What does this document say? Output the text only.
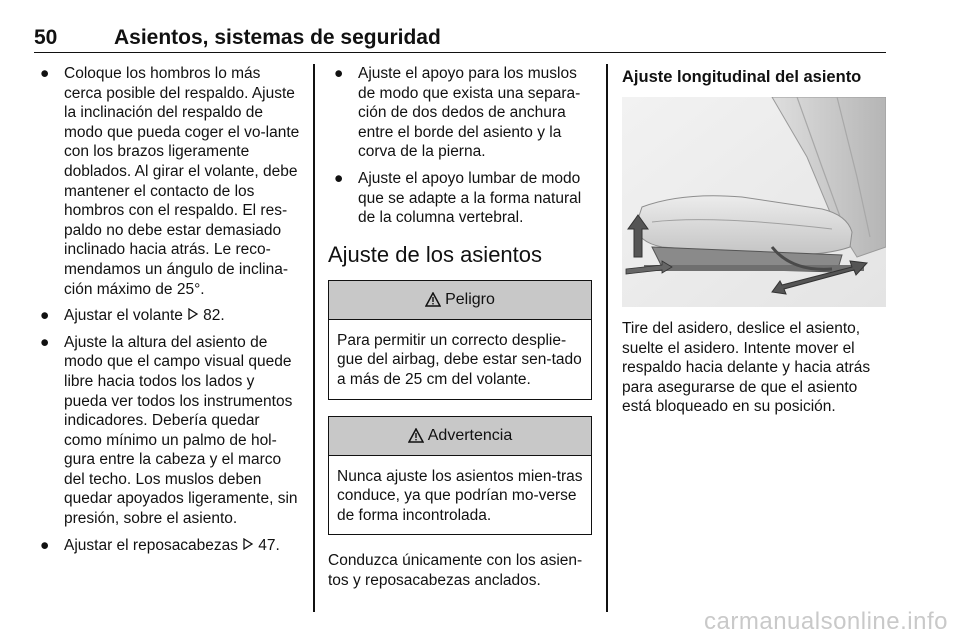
50	Asientos, sistemas de seguridad
● Coloque los hombros lo más cerca posible del respaldo. Ajuste la inclinación del respaldo de modo que pueda coger el vo-lante con los brazos ligeramente doblados. Al girar el volante, debe mantener el contacto de los hombros con el respaldo. El res-paldo no debe estar demasiado inclinado hacia atrás. Le reco-mendamos un ángulo de inclina-ción máximo de 25°.
● Ajustar el volante 82.
● Ajuste la altura del asiento de modo que el campo visual quede libre hacia todos los lados y pueda ver todos los instrumentos indicadores. Debería quedar como mínimo un palmo de hol-gura entre la cabeza y el marco del techo. Los muslos deben quedar apoyados ligeramente, sin presión, sobre el asiento.
● Ajustar el reposacabezas 47.
● Ajuste el apoyo para los muslos de modo que exista una separa-ción de dos dedos de anchura entre el borde del asiento y la corva de la pierna.
● Ajuste el apoyo lumbar de modo que se adapte a la forma natural de la columna vertebral.
Ajuste de los asientos
Peligro
Para permitir un correcto desplie-gue del airbag, debe estar sen-tado a más de 25 cm del volante.
Advertencia
Nunca ajuste los asientos mien-tras conduce, ya que podrían mo-verse de forma incontrolada.
Conduzca únicamente con los asien-tos y reposacabezas anclados.
Ajuste longitudinal del asiento
Tire del asidero, deslice el asiento, suelte el asidero. Intente mover el respaldo hacia delante y hacia atrás para asegurarse de que el asiento está bloqueado en su posición.
carmanualsonline.info
